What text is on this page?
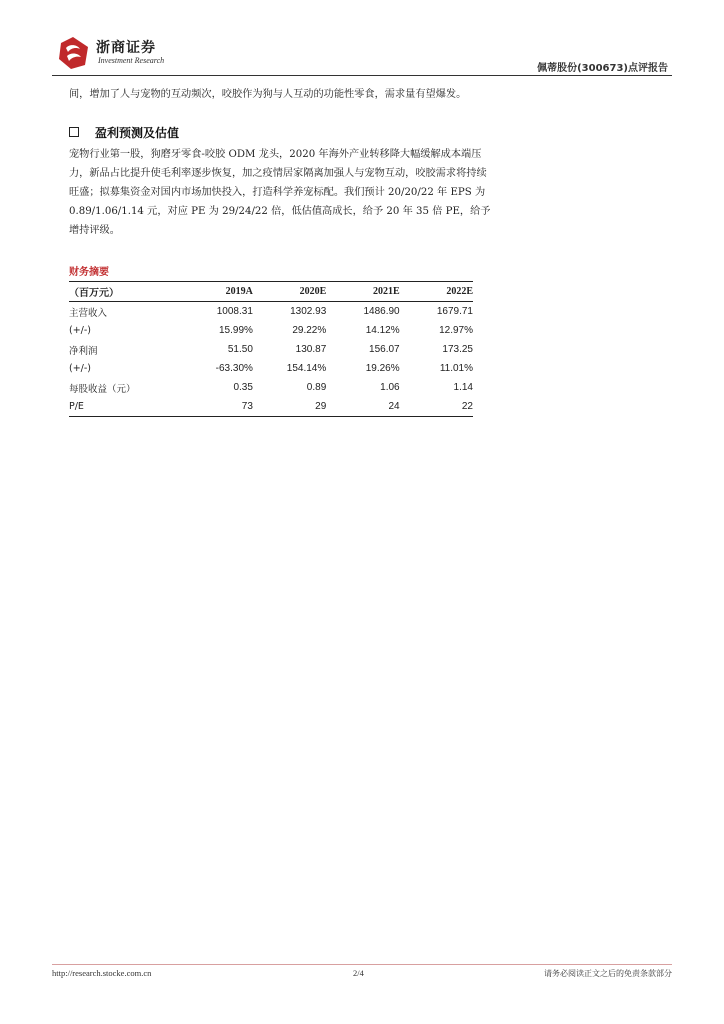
浙商证券
Investment Research
佩蒂股份(300673)点评报告
间，增加了人与宠物的互动频次，咬胶作为狗与人互动的功能性零食，需求量有望爆发。
盈利预测及估值
宠物行业第一股，狗磨牙零食-咬胶 ODM 龙头，2020 年海外产业转移降大幅缓解成本端压力，新品占比提升使毛利率逐步恢复，加之疫情居家隔离加强人与宠物互动，咬胶需求将持续旺盛；拟募集资金对国内市场加快投入，打造科学养宠标配。我们预计 20/20/22 年 EPS 为 0.89/1.06/1.14 元，对应 PE 为 29/24/22 倍，低估值高成长，给予 20 年 35 倍 PE，给予增持评级。
财务摘要
（百万元）	2019A	2020E	2021E	2022E
主营收入	1008.31	1302.93	1486.90	1679.71
(+/-)	15.99%	29.22%	14.12%	12.97%
净利润	51.50	130.87	156.07	173.25
(+/-)	-63.30%	154.14%	19.26%	11.01%
每股收益（元）	0.35	0.89	1.06	1.14
P/E	73	29	24	22
http://research.stocke.com.cn	2/4	请务必阅读正文之后的免责条款部分
